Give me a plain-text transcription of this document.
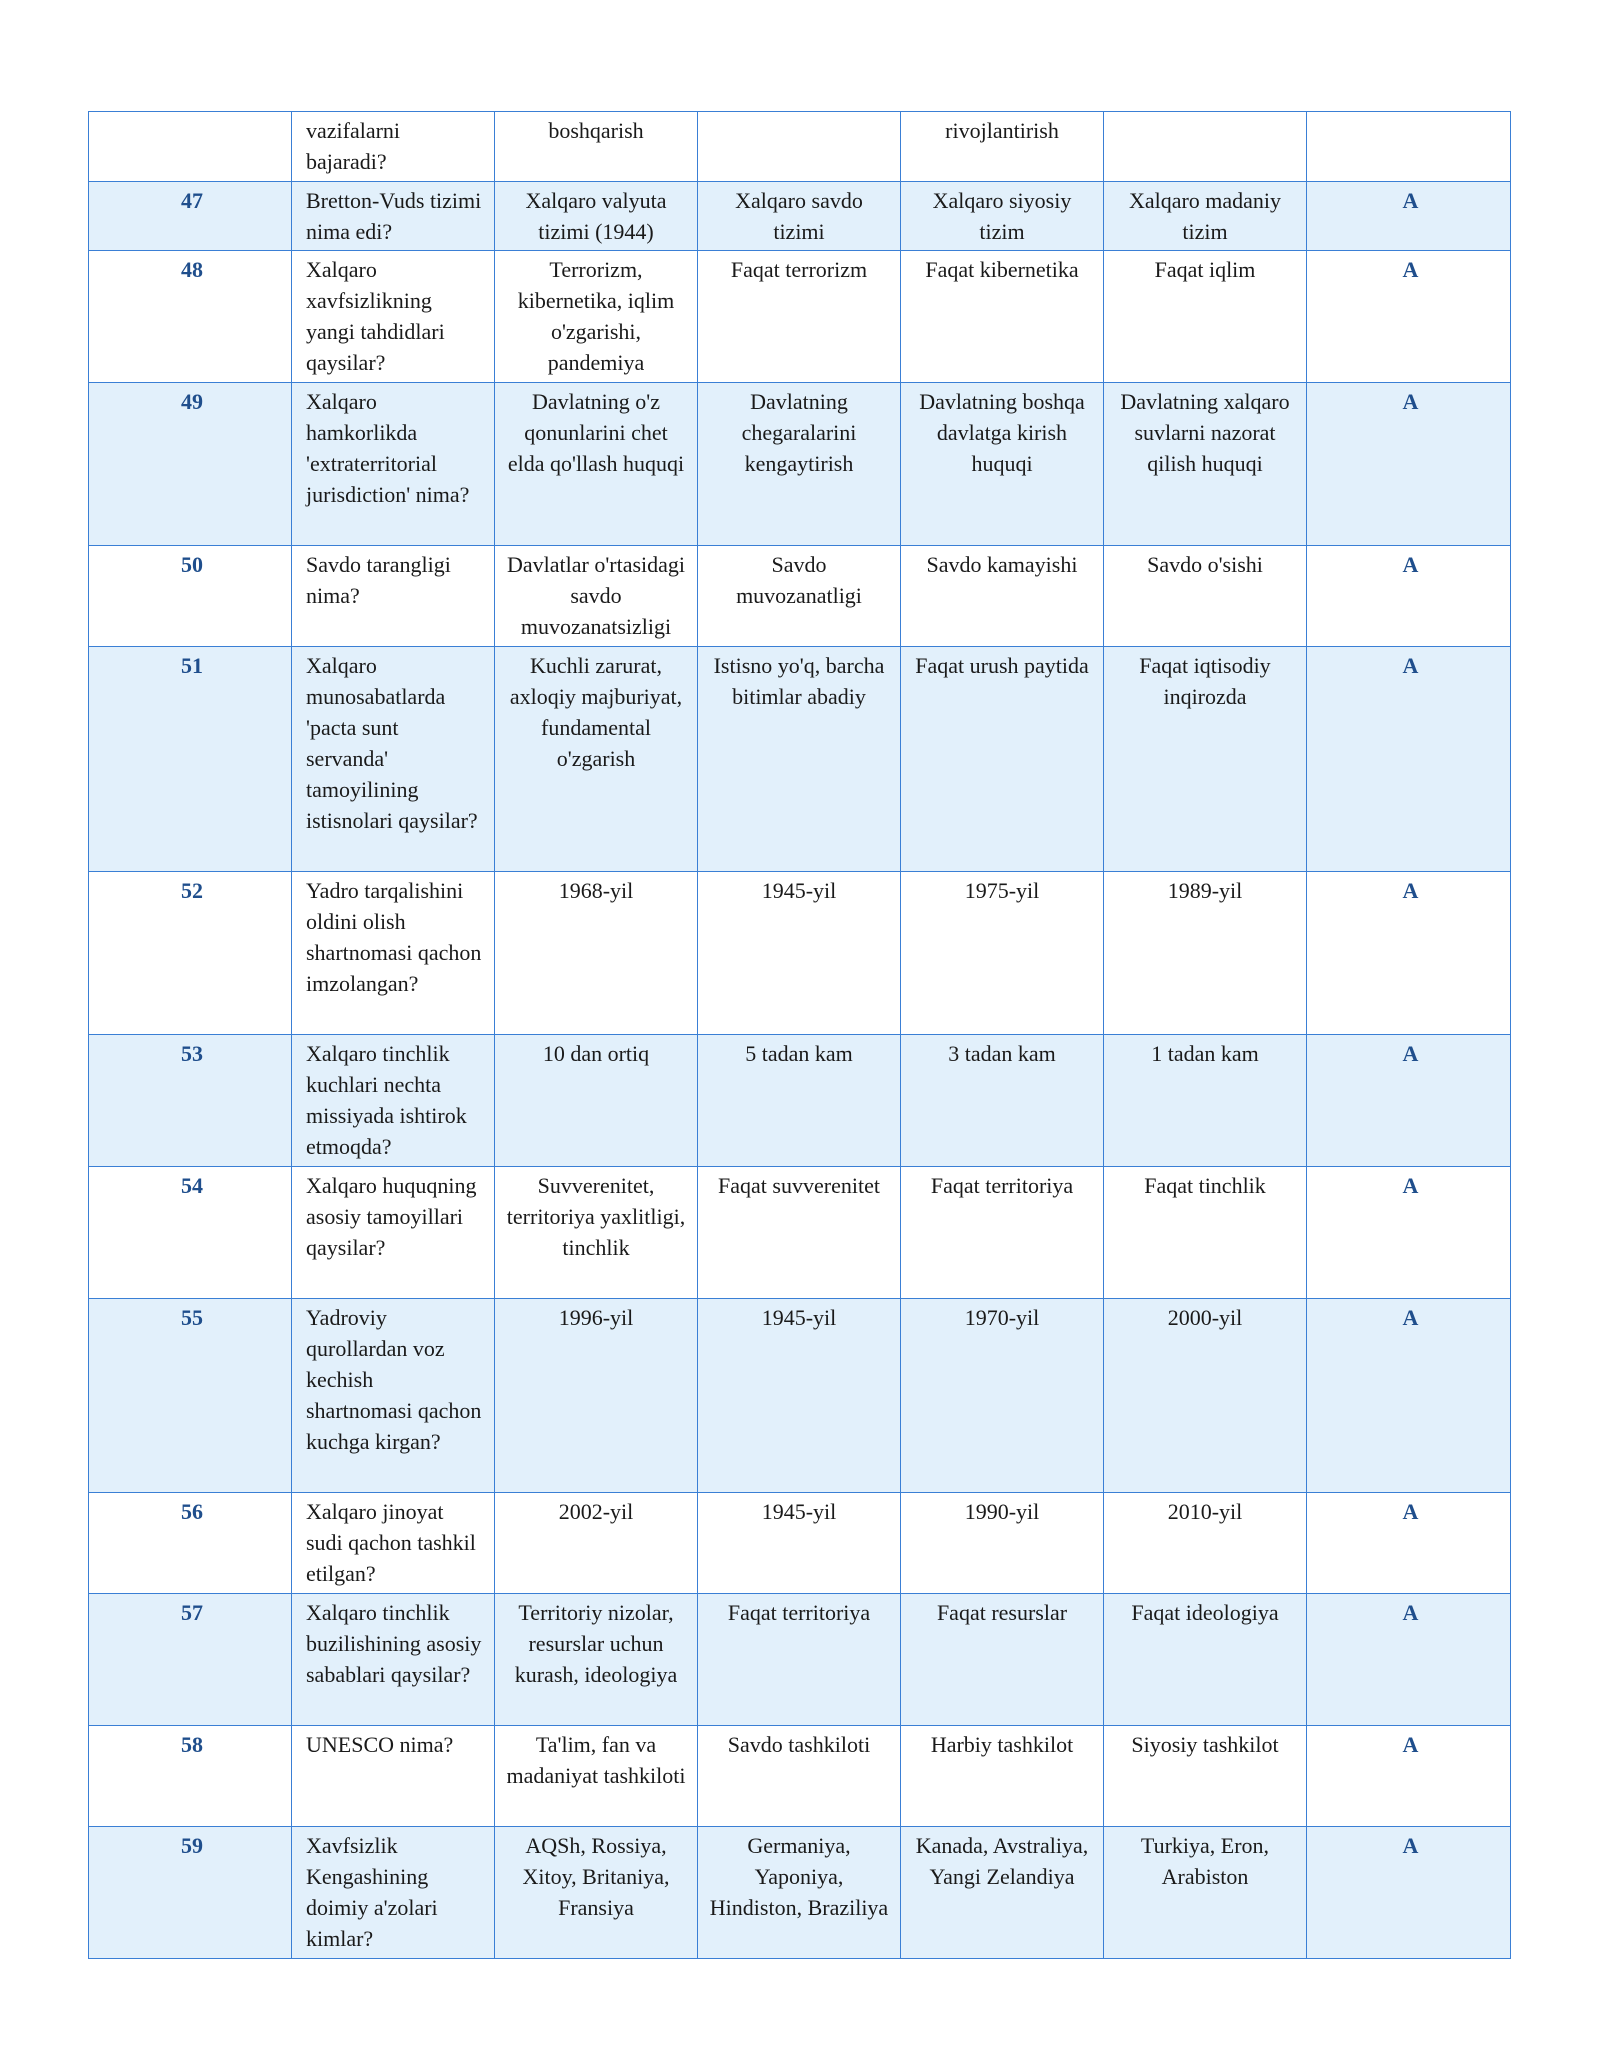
	vazifalarni bajaradi?	boshqarish		rivojlantirish		
47	Bretton-Vuds tizimi nima edi?	Xalqaro valyuta tizimi (1944)	Xalqaro savdo tizimi	Xalqaro siyosiy tizim	Xalqaro madaniy tizim	A
48	Xalqaro xavfsizlikning yangi tahdidlari qaysilar?	Terrorizm, kibernetika, iqlim o'zgarishi, pandemiya	Faqat terrorizm	Faqat kibernetika	Faqat iqlim	A
49	Xalqaro hamkorlikda 'extraterritorial jurisdiction' nima?	Davlatning o'z qonunlarini chet elda qo'llash huquqi	Davlatning chegaralarini kengaytirish	Davlatning boshqa davlatga kirish huquqi	Davlatning xalqaro suvlarni nazorat qilish huquqi	A
50	Savdo tarangligi nima?	Davlatlar o'rtasidagi savdo muvozanatsizligi	Savdo muvozanatligi	Savdo kamayishi	Savdo o'sishi	A
51	Xalqaro munosabatlarda 'pacta sunt servanda' tamoyilining istisnolari qaysilar?	Kuchli zarurat, axloqiy majburiyat, fundamental o'zgarish	Istisno yo'q, barcha bitimlar abadiy	Faqat urush paytida	Faqat iqtisodiy inqirozda	A
52	Yadro tarqalishini oldini olish shartnomasi qachon imzolangan?	1968-yil	1945-yil	1975-yil	1989-yil	A
53	Xalqaro tinchlik kuchlari nechta missiyada ishtirok etmoqda?	10 dan ortiq	5 tadan kam	3 tadan kam	1 tadan kam	A
54	Xalqaro huquqning asosiy tamoyillari qaysilar?	Suvverenitet, territoriya yaxlitligi, tinchlik	Faqat suvverenitet	Faqat territoriya	Faqat tinchlik	A
55	Yadroviy qurollardan voz kechish shartnomasi qachon kuchga kirgan?	1996-yil	1945-yil	1970-yil	2000-yil	A
56	Xalqaro jinoyat sudi qachon tashkil etilgan?	2002-yil	1945-yil	1990-yil	2010-yil	A
57	Xalqaro tinchlik buzilishining asosiy sabablari qaysilar?	Territoriy nizolar, resurslar uchun kurash, ideologiya	Faqat territoriya	Faqat resurslar	Faqat ideologiya	A
58	UNESCO nima?	Ta'lim, fan va madaniyat tashkiloti	Savdo tashkiloti	Harbiy tashkilot	Siyosiy tashkilot	A
59	Xavfsizlik Kengashining doimiy a'zolari kimlar?	AQSh, Rossiya, Xitoy, Britaniya, Fransiya	Germaniya, Yaponiya, Hindiston, Braziliya	Kanada, Avstraliya, Yangi Zelandiya	Turkiya, Eron, Arabiston	A
